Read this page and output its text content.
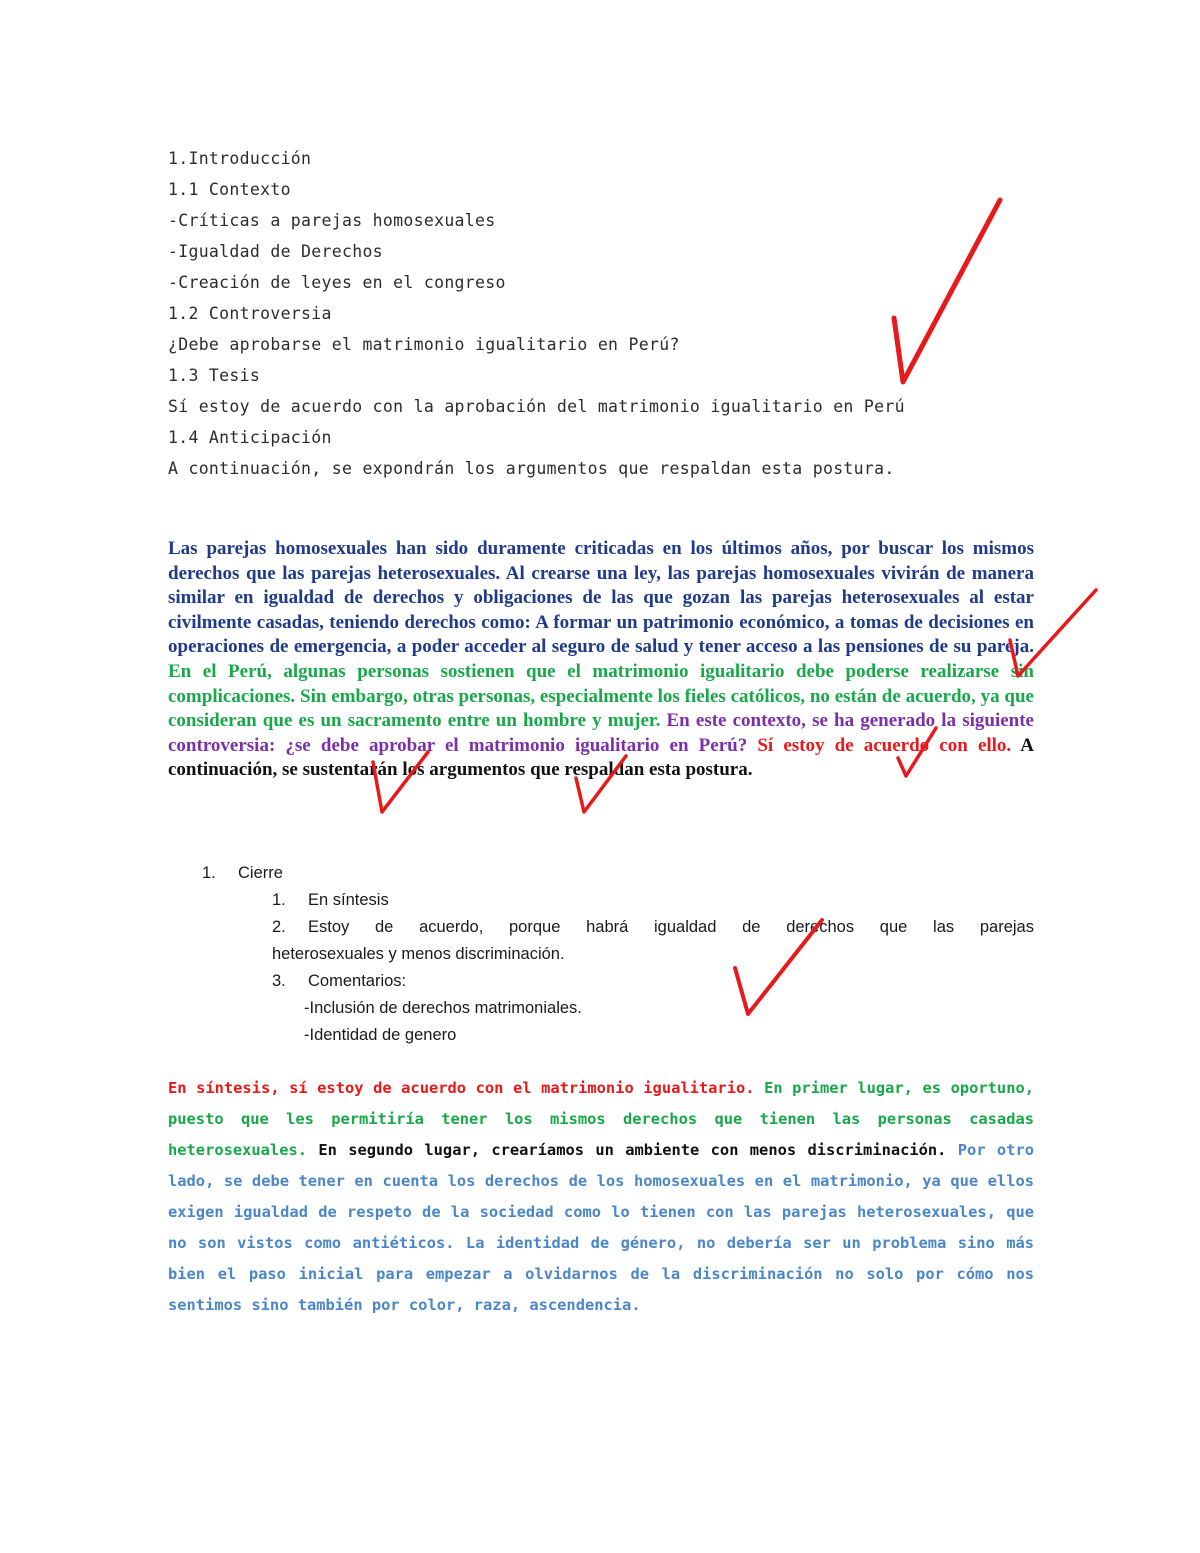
1.Introducción
1.1 Contexto
-Críticas a parejas homosexuales
-Igualdad de Derechos
-Creación de leyes en el congreso
1.2 Controversia
¿Debe aprobarse el matrimonio igualitario en Perú?
1.3 Tesis
Sí estoy de acuerdo con la aprobación del matrimonio igualitario en Perú
1.4 Anticipación
A continuación, se expondrán los argumentos que respaldan esta postura.

Las parejas homosexuales han sido duramente criticadas en los últimos años, por buscar los mismos derechos que las parejas heterosexuales. Al crearse una ley, las parejas homosexuales vivirán de manera similar en igualdad de derechos y obligaciones de las que gozan las parejas heterosexuales al estar civilmente casadas, teniendo derechos como: A formar un patrimonio económico, a tomas de decisiones en operaciones de emergencia, a poder acceder al seguro de salud y tener acceso a las pensiones de su pareja. En el Perú, algunas personas sostienen que el matrimonio igualitario debe poderse realizarse sin complicaciones. Sin embargo, otras personas, especialmente los fieles católicos, no están de acuerdo, ya que consideran que es un sacramento entre un hombre y mujer. En este contexto, se ha generado la siguiente controversia: ¿se debe aprobar el matrimonio igualitario en Perú? Sí estoy de acuerdo con ello. A continuación, se sustentarán los argumentos que respaldan esta postura.

1. Cierre
1. En síntesis
2. Estoy de acuerdo, porque habrá igualdad de derechos que las parejas
heterosexuales y menos discriminación.
3. Comentarios:
-Inclusión de derechos matrimoniales.
-Identidad de genero

En síntesis, sí estoy de acuerdo con el matrimonio igualitario. En primer lugar, es oportuno, puesto que les permitiría tener los mismos derechos que tienen las personas casadas heterosexuales. En segundo lugar, crearíamos un ambiente con menos discriminación. Por otro lado, se debe tener en cuenta los derechos de los homosexuales en el matrimonio, ya que ellos exigen igualdad de respeto de la sociedad como lo tienen con las parejas heterosexuales, que no son vistos como antiéticos. La identidad de género, no debería ser un problema sino más bien el paso inicial para empezar a olvidarnos de la discriminación no solo por cómo nos sentimos sino también por color, raza, ascendencia.
